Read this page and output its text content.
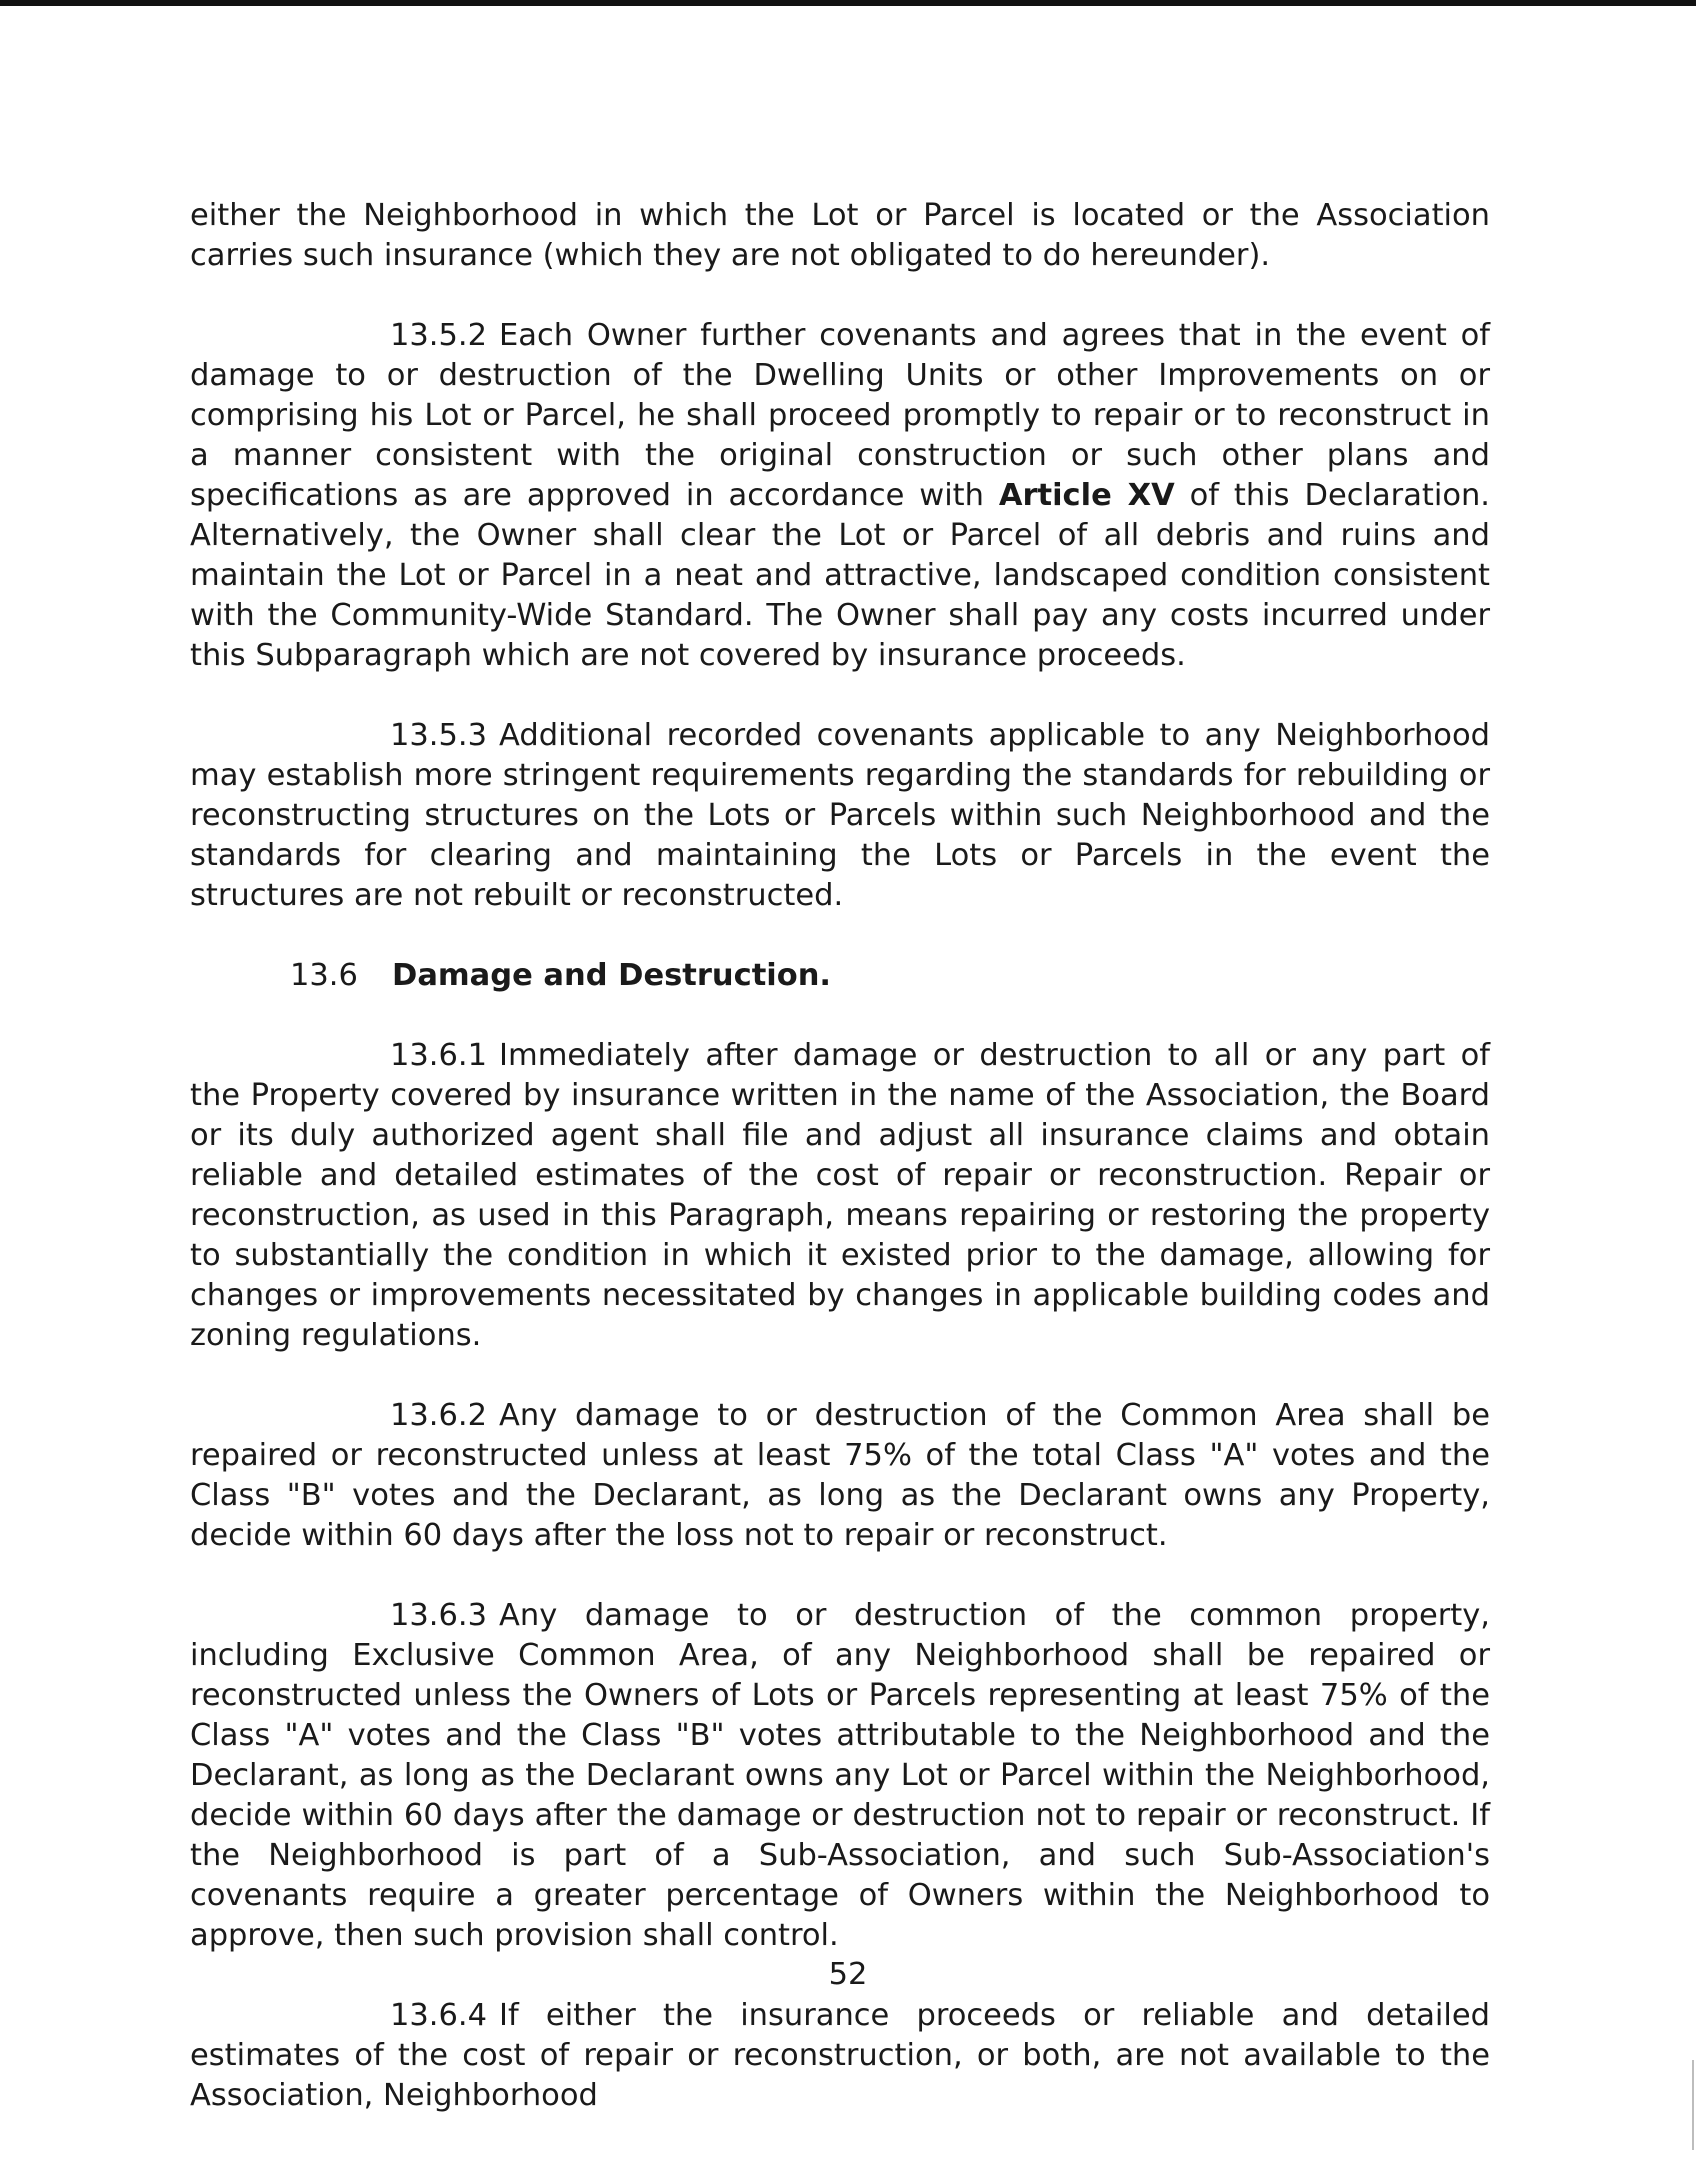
either the Neighborhood in which the Lot or Parcel is located or the Association carries such insurance (which they are not obligated to do hereunder).

13.5.2 Each Owner further covenants and agrees that in the event of damage to or destruction of the Dwelling Units or other Improvements on or comprising his Lot or Parcel, he shall proceed promptly to repair or to reconstruct in a manner consistent with the original construction or such other plans and specifications as are approved in accordance with Article XV of this Declaration. Alternatively, the Owner shall clear the Lot or Parcel of all debris and ruins and maintain the Lot or Parcel in a neat and attractive, landscaped condition consistent with the Community-Wide Standard. The Owner shall pay any costs incurred under this Subparagraph which are not covered by insurance proceeds.

13.5.3 Additional recorded covenants applicable to any Neighborhood may establish more stringent requirements regarding the standards for rebuilding or reconstructing structures on the Lots or Parcels within such Neighborhood and the standards for clearing and maintaining the Lots or Parcels in the event the structures are not rebuilt or reconstructed.

13.6 Damage and Destruction.

13.6.1 Immediately after damage or destruction to all or any part of the Property covered by insurance written in the name of the Association, the Board or its duly authorized agent shall file and adjust all insurance claims and obtain reliable and detailed estimates of the cost of repair or reconstruction. Repair or reconstruction, as used in this Paragraph, means repairing or restoring the property to substantially the condition in which it existed prior to the damage, allowing for changes or improvements necessitated by changes in applicable building codes and zoning regulations.

13.6.2 Any damage to or destruction of the Common Area shall be repaired or reconstructed unless at least 75% of the total Class "A" votes and the Class "B" votes and the Declarant, as long as the Declarant owns any Property, decide within 60 days after the loss not to repair or reconstruct.

13.6.3 Any damage to or destruction of the common property, including Exclusive Common Area, of any Neighborhood shall be repaired or reconstructed unless the Owners of Lots or Parcels representing at least 75% of the Class "A" votes and the Class "B" votes attributable to the Neighborhood and the Declarant, as long as the Declarant owns any Lot or Parcel within the Neighborhood, decide within 60 days after the damage or destruction not to repair or reconstruct. If the Neighborhood is part of a Sub-Association, and such Sub-Association's covenants require a greater percentage of Owners within the Neighborhood to approve, then such provision shall control.

13.6.4 If either the insurance proceeds or reliable and detailed estimates of the cost of repair or reconstruction, or both, are not available to the Association, Neighborhood

52
